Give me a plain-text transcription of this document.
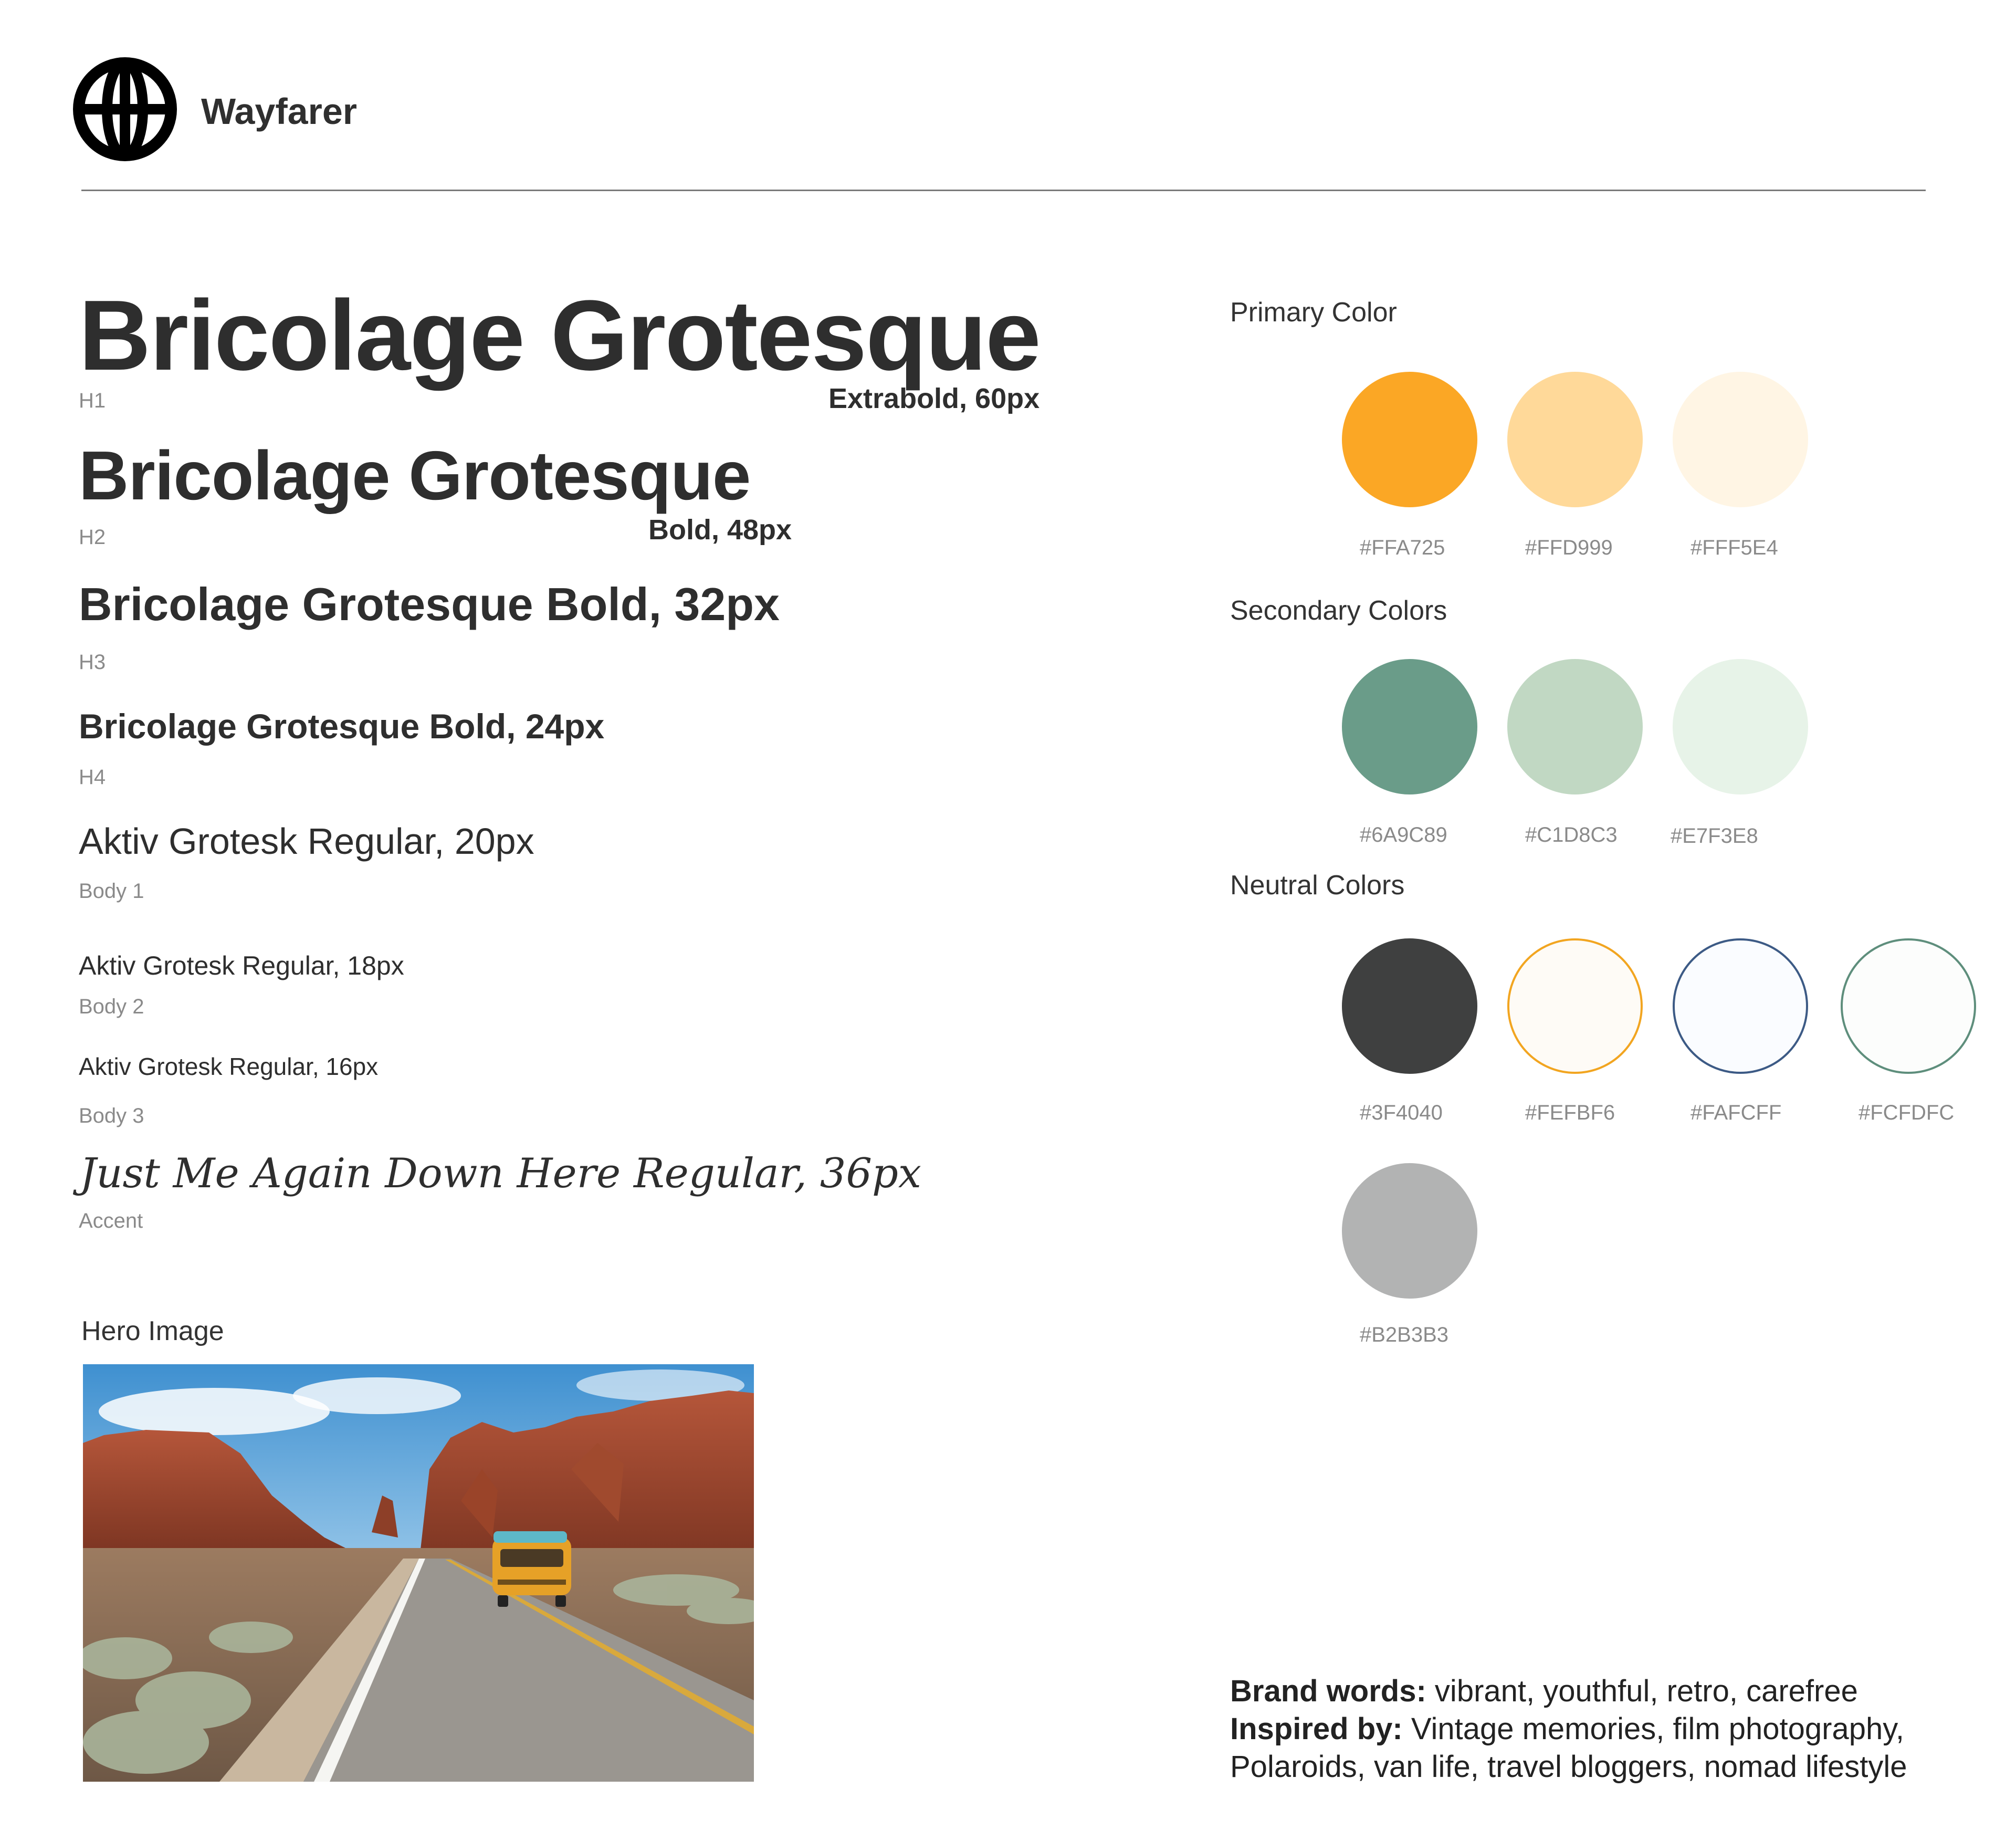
Wayfarer
Bricolage Grotesque
Extrabold, 60px
H1
Bricolage Grotesque
Bold, 48px
H2
Bricolage Grotesque Bold, 32px
H3
Bricolage Grotesque Bold, 24px
H4
Aktiv Grotesk Regular, 20px
Body 1
Aktiv Grotesk Regular, 18px
Body 2
Aktiv Grotesk Regular, 16px
Body 3
Just Me Again Down Here Regular, 36px
Accent
Hero Image
Primary Color
Secondary Colors
Neutral Colors
#FFA725	#FFD999	#FFF5E4
#6A9C89	#C1D8C3	#E7F3E8
#3F4040	#FEFBF6	#FAFCFF	#FCFDFC
#B2B3B3
Brand words: vibrant, youthful, retro, carefree
Inspired by: Vintage memories, film photography, Polaroids, van life, travel bloggers, nomad lifestyle
